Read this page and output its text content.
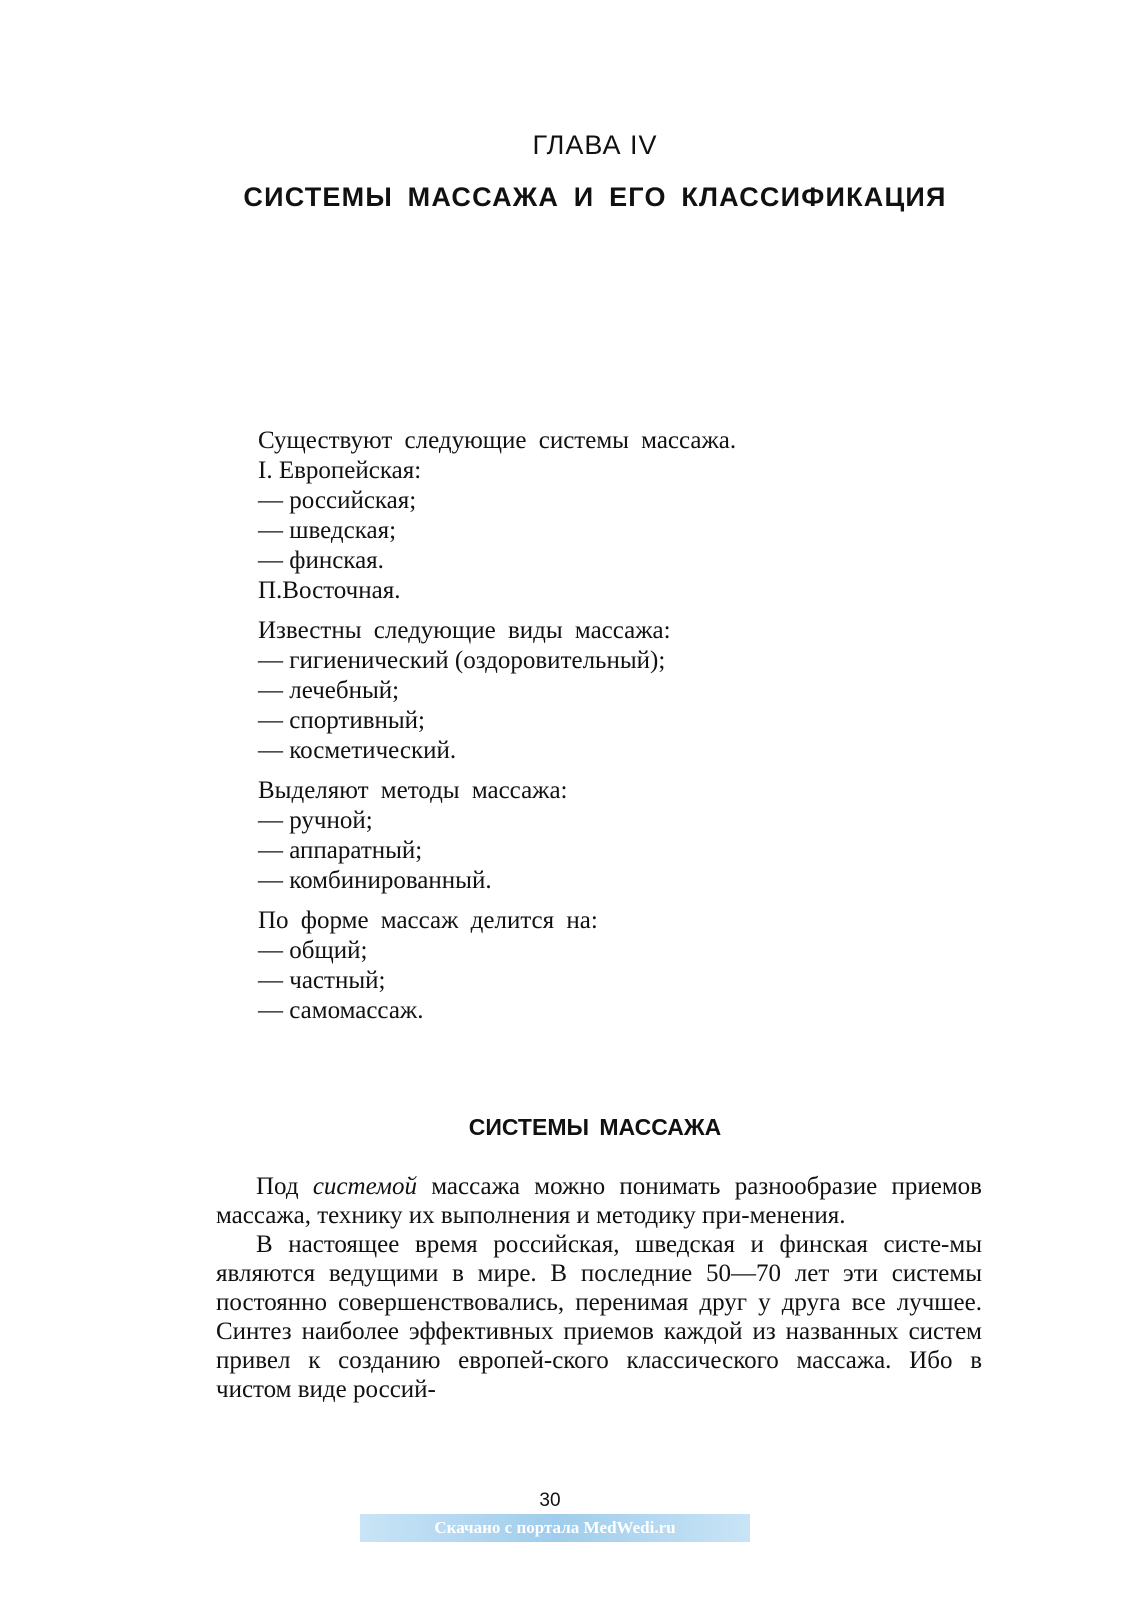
ГЛАВА IV
СИСТЕМЫ МАССАЖА И ЕГО КЛАССИФИКАЦИЯ
Существуют следующие системы массажа.
I. Европейская:
— российская;
— шведская;
— финская.
П.Восточная.
Известны следующие виды массажа:
— гигиенический (оздоровительный);
— лечебный;
— спортивный;
— косметический.
Выделяют методы массажа:
— ручной;
— аппаратный;
— комбинированный.
По форме массаж делится на:
— общий;
— частный;
— самомассаж.
СИСТЕМЫ МАССАЖА

Под системой массажа можно понимать разнообразие приемов массажа, технику их выполнения и методику при-менения.

В настоящее время российская, шведская и финская систе-мы являются ведущими в мире. В последние 50—70 лет эти системы постоянно совершенствовались, перенимая друг у друга все лучшее. Синтез наиболее эффективных приемов каждой из названных систем привел к созданию европей-ского классического массажа. Ибо в чистом виде россий-

30
Скачано с портала MedWedi.ru
